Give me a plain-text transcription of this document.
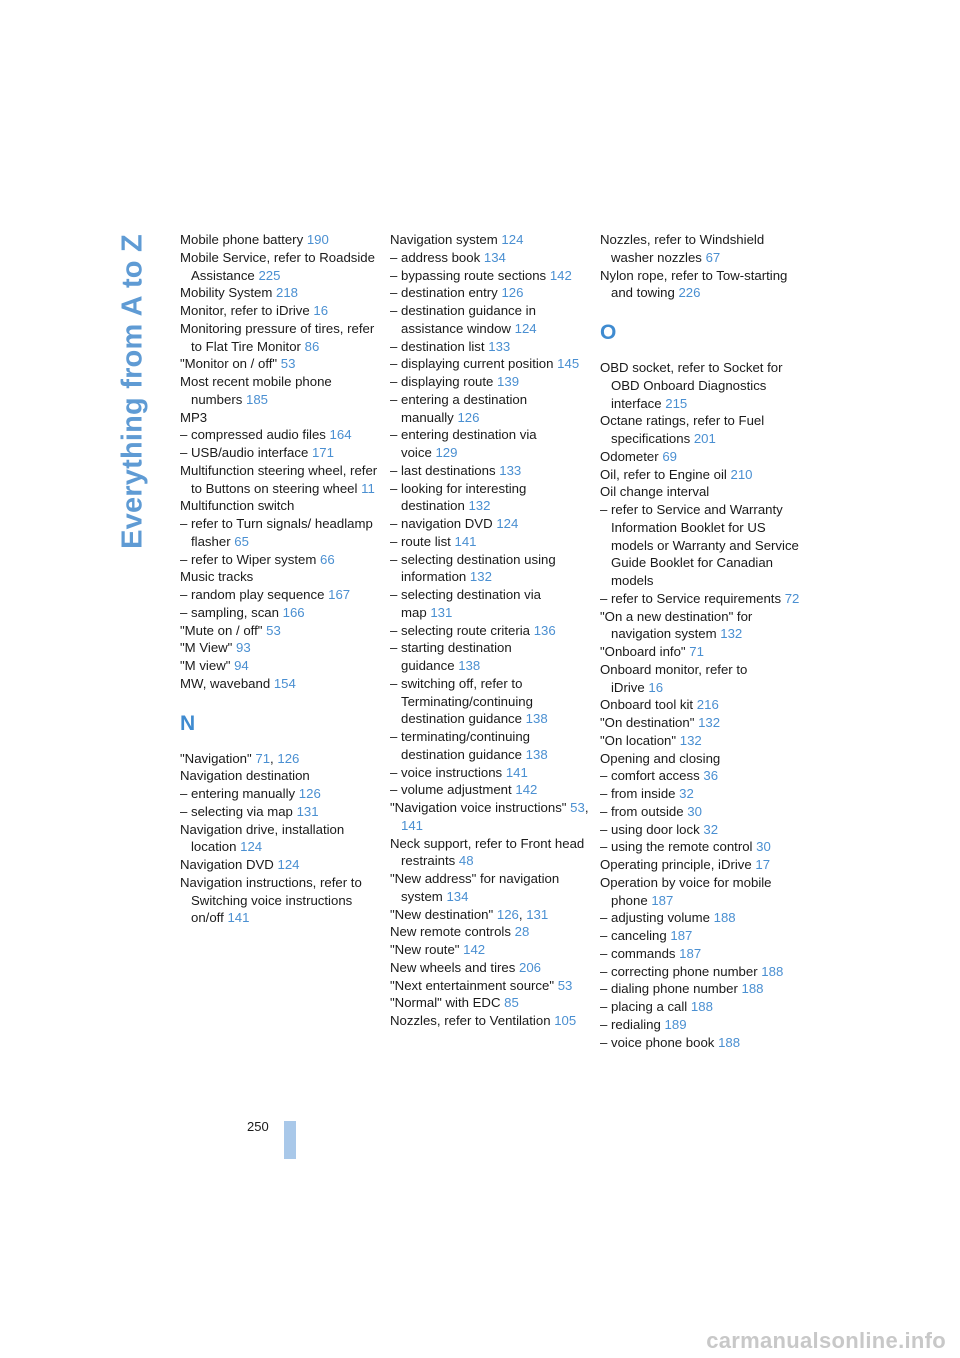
Everything from A to Z Mobile phone battery 190
Mobile Service, refer to Roadside Assistance 225
Mobility System 218
Monitor, refer to iDrive 16
Monitoring pressure of tires, refer to Flat Tire Monitor 86
"Monitor on / off" 53
Most recent mobile phone numbers 185
MP3
– compressed audio files 164
– USB/audio interface 171
Multifunction steering wheel, refer to Buttons on steering wheel 11
Multifunction switch
– refer to Turn signals/ headlamp flasher 65
– refer to Wiper system 66
Music tracks
– random play sequence 167
– sampling, scan 166
"Mute on / off" 53
"M View" 93
"M view" 94
MW, waveband 154
N
"Navigation" 71, 126
Navigation destination
– entering manually 126
– selecting via map 131
Navigation drive, installation location 124
Navigation DVD 124
Navigation instructions, refer to Switching voice instructions on/off 141
Navigation system 124
– address book 134
– bypassing route sections 142
– destination entry 126
– destination guidance in assistance window 124
– destination list 133
– displaying current position 145
– displaying route 139
– entering a destination manually 126
– entering destination via voice 129
– last destinations 133
– looking for interesting destination 132
– navigation DVD 124
– route list 141
– selecting destination using information 132
– selecting destination via map 131
– selecting route criteria 136
– starting destination guidance 138
– switching off, refer to Terminating/continuing destination guidance 138
– terminating/continuing destination guidance 138
– voice instructions 141
– volume adjustment 142
"Navigation voice instructions" 53, 141
Neck support, refer to Front head restraints 48
"New address" for navigation system 134
"New destination" 126, 131
New remote controls 28
"New route" 142
New wheels and tires 206
"Next entertainment source" 53
"Normal" with EDC 85
Nozzles, refer to Ventilation 105
Nozzles, refer to Windshield washer nozzles 67
Nylon rope, refer to Tow-starting and towing 226
O
OBD socket, refer to Socket for OBD Onboard Diagnostics interface 215
Octane ratings, refer to Fuel specifications 201
Odometer 69
Oil, refer to Engine oil 210
Oil change interval
– refer to Service and Warranty Information Booklet for US models or Warranty and Service Guide Booklet for Canadian models
– refer to Service requirements 72
"On a new destination" for navigation system 132
"Onboard info" 71
Onboard monitor, refer to iDrive 16
Onboard tool kit 216
"On destination" 132
"On location" 132
Opening and closing
– comfort access 36
– from inside 32
– from outside 30
– using door lock 32
– using the remote control 30
Operating principle, iDrive 17
Operation by voice for mobile phone 187
– adjusting volume 188
– canceling 187
– commands 187
– correcting phone number 188
– dialing phone number 188
– placing a call 188
– redialing 189
– voice phone book 188
250
carmanualsonline.info
